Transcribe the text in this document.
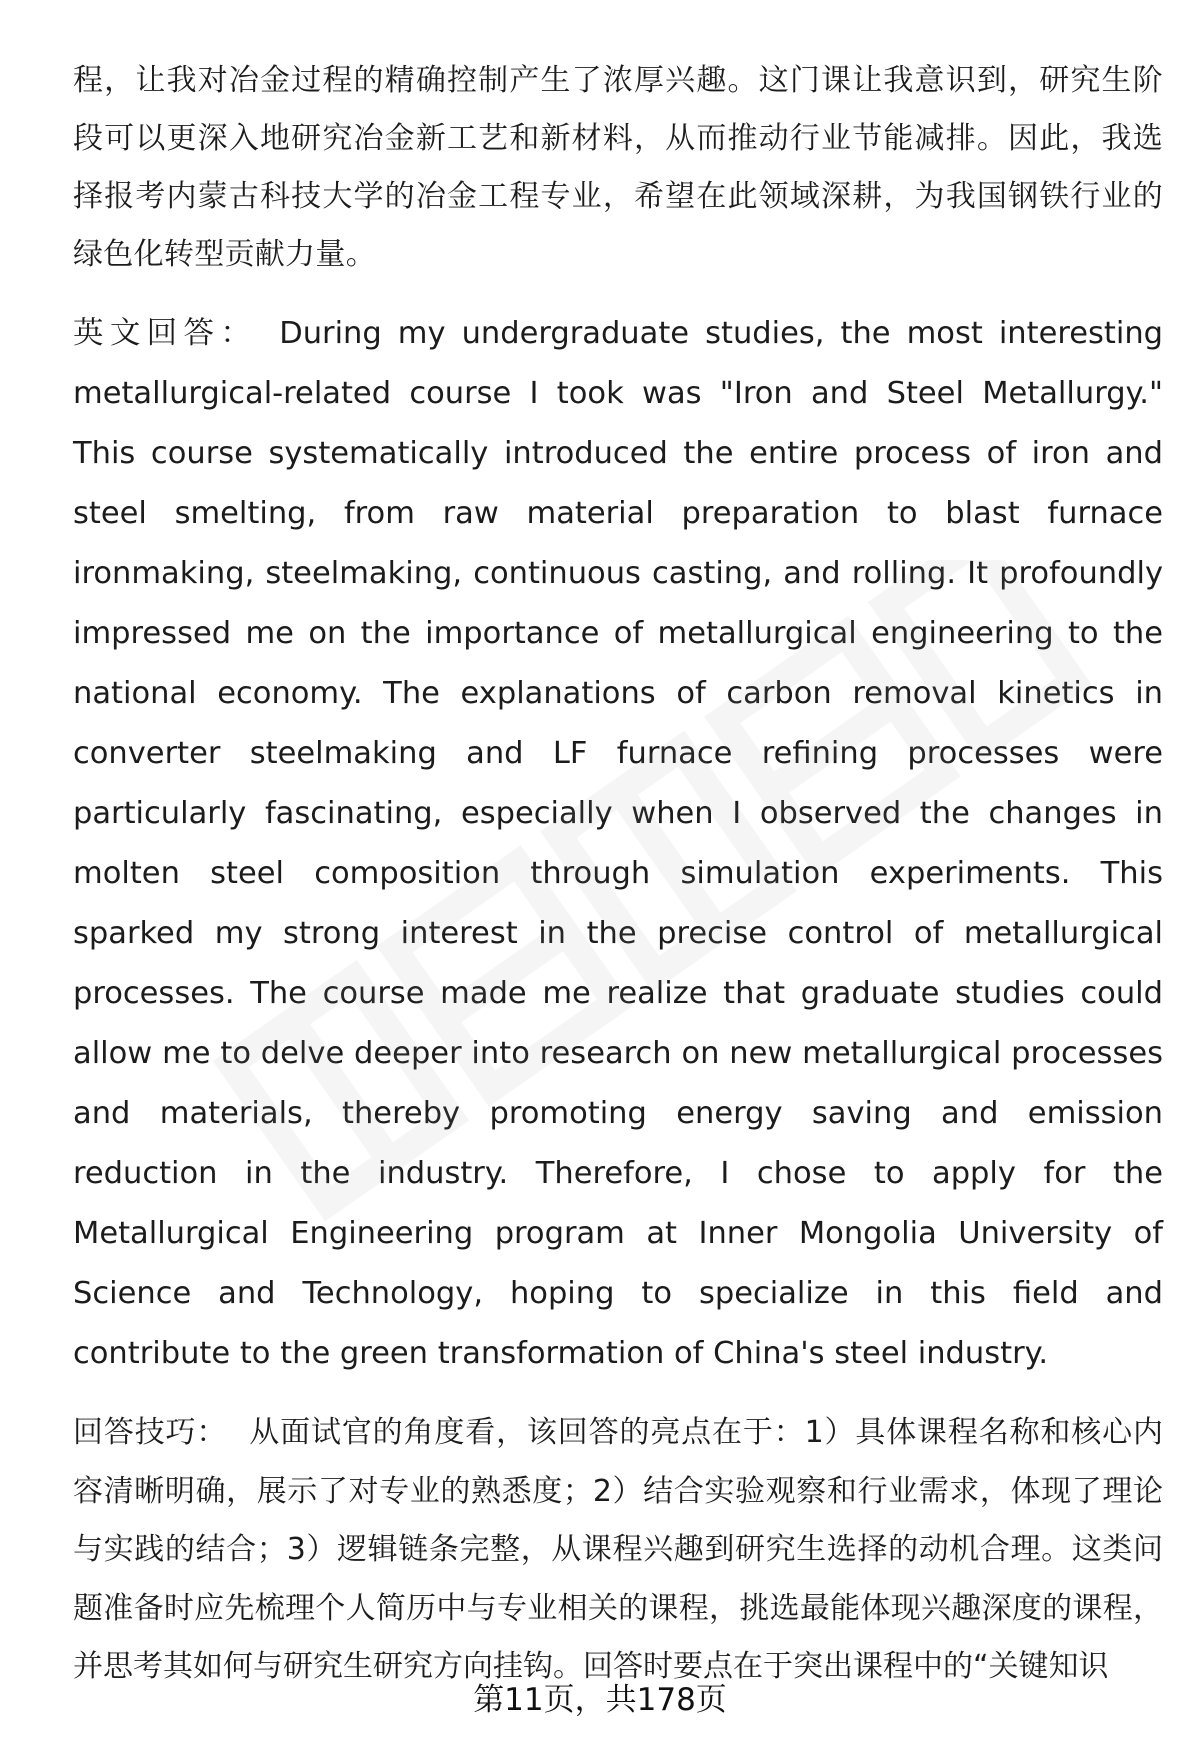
程，让我对冶金过程的精确控制产生了浓厚兴趣。这门课让我意识到，研究生阶段可以更深入地研究冶金新工艺和新材料，从而推动行业节能减排。因此，我选择报考内蒙古科技大学的冶金工程专业，希望在此领域深耕，为我国钢铁行业的绿色化转型贡献力量。

英文回答： During my undergraduate studies, the most interesting metallurgical-related course I took was "Iron and Steel Metallurgy." This course systematically introduced the entire process of iron and steel smelting, from raw material preparation to blast furnace ironmaking, steelmaking, continuous casting, and rolling. It profoundly impressed me on the importance of metallurgical engineering to the national economy. The explanations of carbon removal kinetics in converter steelmaking and LF furnace refining processes were particularly fascinating, especially when I observed the changes in molten steel composition through simulation experiments. This sparked my strong interest in the precise control of metallurgical processes. The course made me realize that graduate studies could allow me to delve deeper into research on new metallurgical processes and materials, thereby promoting energy saving and emission reduction in the industry. Therefore, I chose to apply for the Metallurgical Engineering program at Inner Mongolia University of Science and Technology, hoping to specialize in this field and contribute to the green transformation of China's steel industry.

回答技巧： 从面试官的角度看，该回答的亮点在于：1）具体课程名称和核心内容清晰明确，展示了对专业的熟悉度；2）结合实验观察和行业需求，体现了理论与实践的结合；3）逻辑链条完整，从课程兴趣到研究生选择的动机合理。这类问题准备时应先梳理个人简历中与专业相关的课程，挑选最能体现兴趣深度的课程，并思考其如何与研究生研究方向挂钩。回答时要点在于突出课程中的“关键知识

第11页，共178页
